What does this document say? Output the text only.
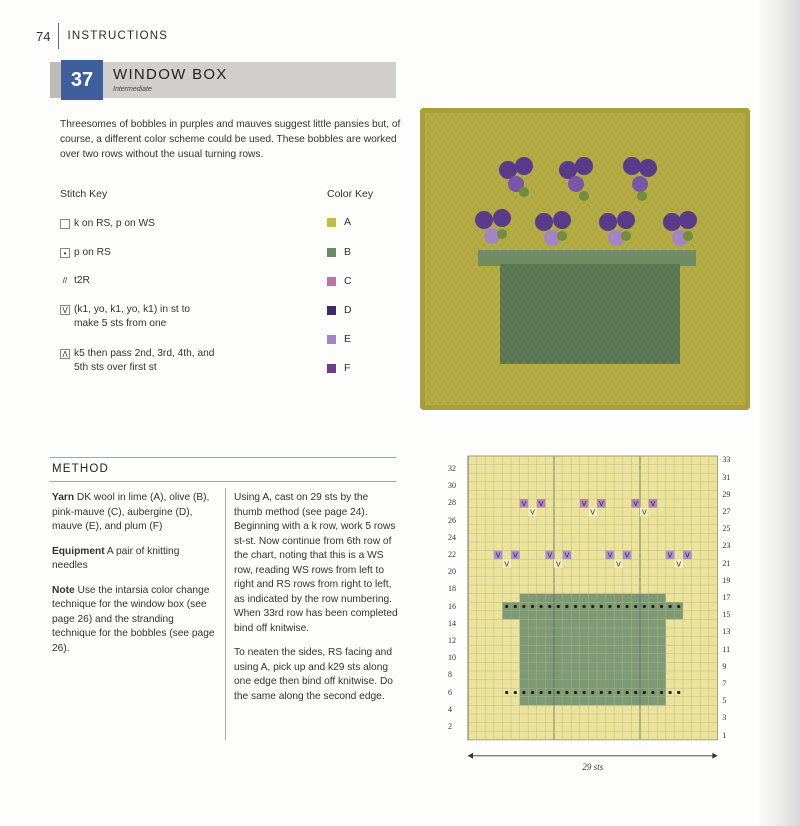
74 INSTRUCTIONS
37	WINDOW BOX
Intermediate
Threesomes of bobbles in purples and mauves suggest little pansies but, of course, a different color scheme could be used. These bobbles are worked over two rows without the usual turning rows.
Stitch Key	Color Key
k on RS, p on WS
• p on RS
// t2R
V (k1, yo, k1, yo, k1) in st to
make 5 sts from one
Λ k5 then pass 2nd, 3rd, 4th, and
5th sts over first st
A
B
C
D
E
F
METHOD

Yarn DK wool in lime (A), olive (B), pink-mauve (C), aubergine (D), mauve (E), and plum (F)

Equipment A pair of knitting needles

Note Use the intarsia color change technique for the window box (see page 26) and the stranding technique for the bobbles (see page 26).

Using A, cast on 29 sts by the thumb method (see page 24). Beginning with a k row, work 5 rows st-st. Now continue from 6th row of the chart, noting that this is a WS row, reading WS rows from left to right and RS rows from right to left, as indicated by the row numbering. When 33rd row has been completed bind off knitwise.

To neaten the sides, RS facing and using A, pick up and k29 sts along one edge then bind off knitwise. Do the same along the second edge.

V V	V V	V V
V	V	V
V V	V V	V V	V V
V	V	V	V
29 sts
2
4
6
8
10
12
14
16
18
20
22
24
26
28
30
32
1
3
5
7
9
11
13
15
17
19
21
23
25
27
29
31
33
